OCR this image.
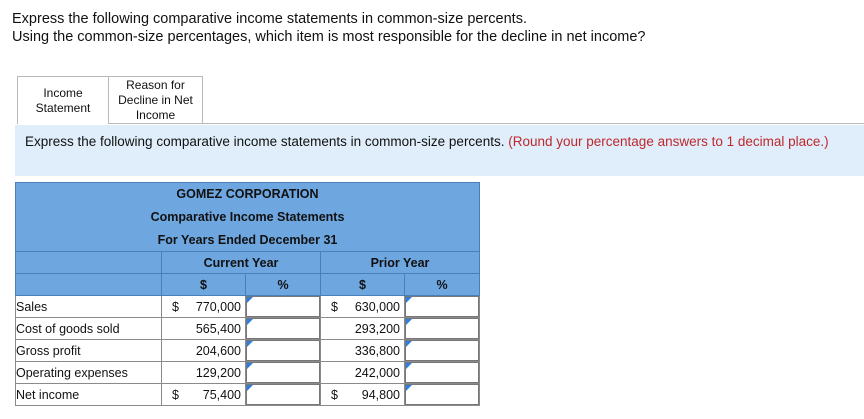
Express the following comparative income statements in common-size percents.
Using the common-size percentages, which item is most responsible for the decline in net income?
Income Statement
Reason for Decline in Net Income
Express the following comparative income statements in common-size percents. (Round your percentage answers to 1 decimal place.)
GOMEZ CORPORATION				
Comparative Income Statements				
For Years Ended December 31				
	Current Year		Prior Year	
	$	%	$	%
Sales	$ 770,000		$ 630,000	

Cost of goods sold	565,400		293,200	

Gross profit	204,600		336,800	

Operating expenses	129,200		242,000	

Net income	$ 75,400		$ 94,800	
